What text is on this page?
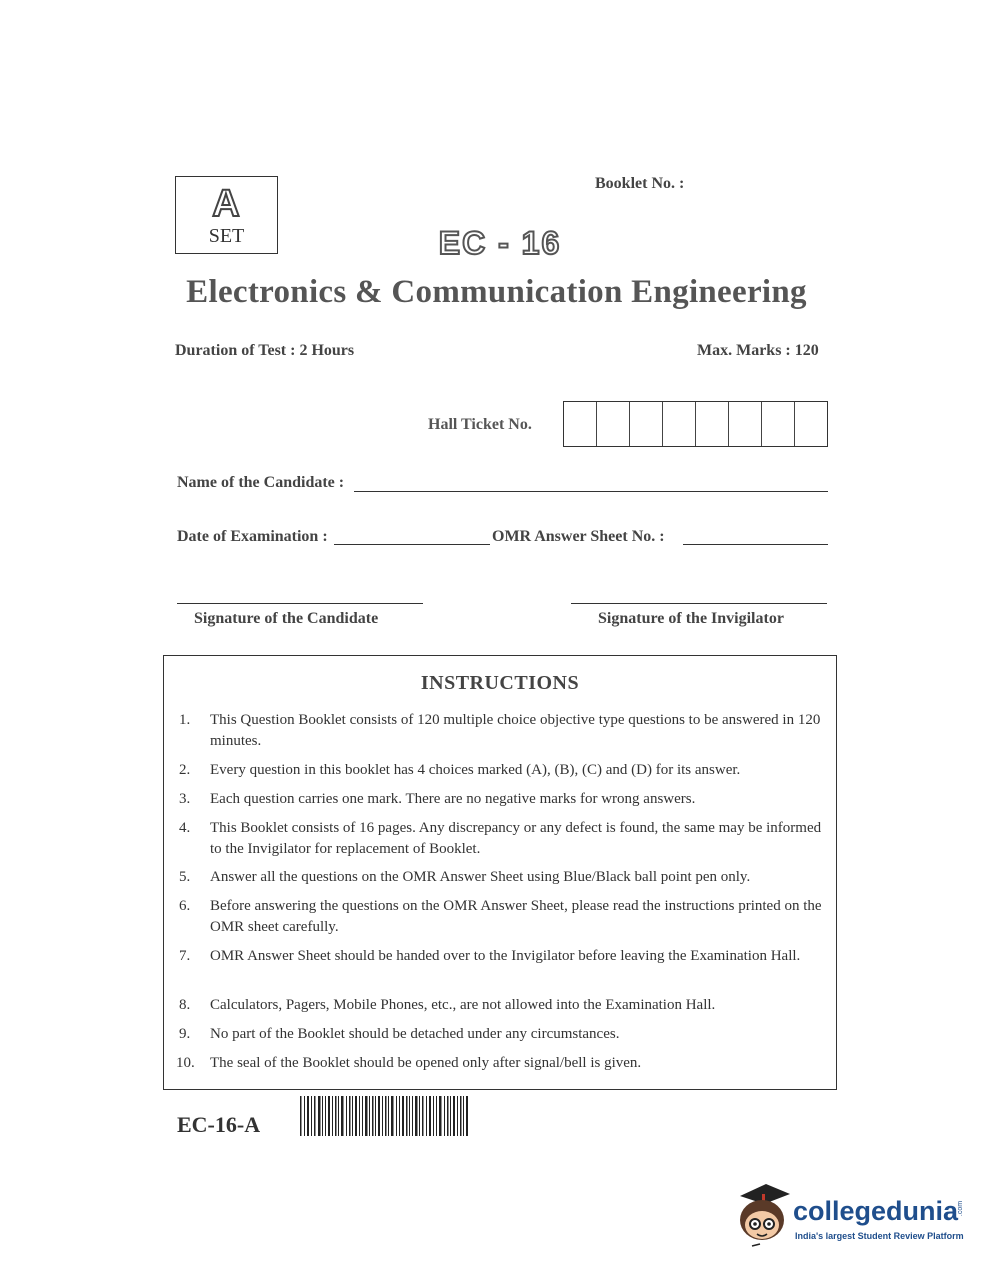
A
SET
Booklet No. :
EC - 16
Electronics & Communication Engineering
Duration of Test : 2 Hours	Max. Marks : 120
Hall Ticket No.
Name of the Candidate :
Date of Examination :	OMR Answer Sheet No. :
Signature of the Candidate	Signature of the Invigilator
INSTRUCTIONS
1. This Question Booklet consists of 120 multiple choice objective type questions to be answered in 120 minutes.
2. Every question in this booklet has 4 choices marked (A), (B), (C) and (D) for its answer.
3. Each question carries one mark. There are no negative marks for wrong answers.
4. This Booklet consists of 16 pages. Any discrepancy or any defect is found, the same may be informed to the Invigilator for replacement of Booklet.
5. Answer all the questions on the OMR Answer Sheet using Blue/Black ball point pen only.
6. Before answering the questions on the OMR Answer Sheet, please read the instructions printed on the OMR sheet carefully.
7. OMR Answer Sheet should be handed over to the Invigilator before leaving the Examination Hall.
8. Calculators, Pagers, Mobile Phones, etc., are not allowed into the Examination Hall.
9. No part of the Booklet should be detached under any circumstances.
10. The seal of the Booklet should be opened only after signal/bell is given.
EC-16-A
collegedunia .com
India's largest Student Review Platform
